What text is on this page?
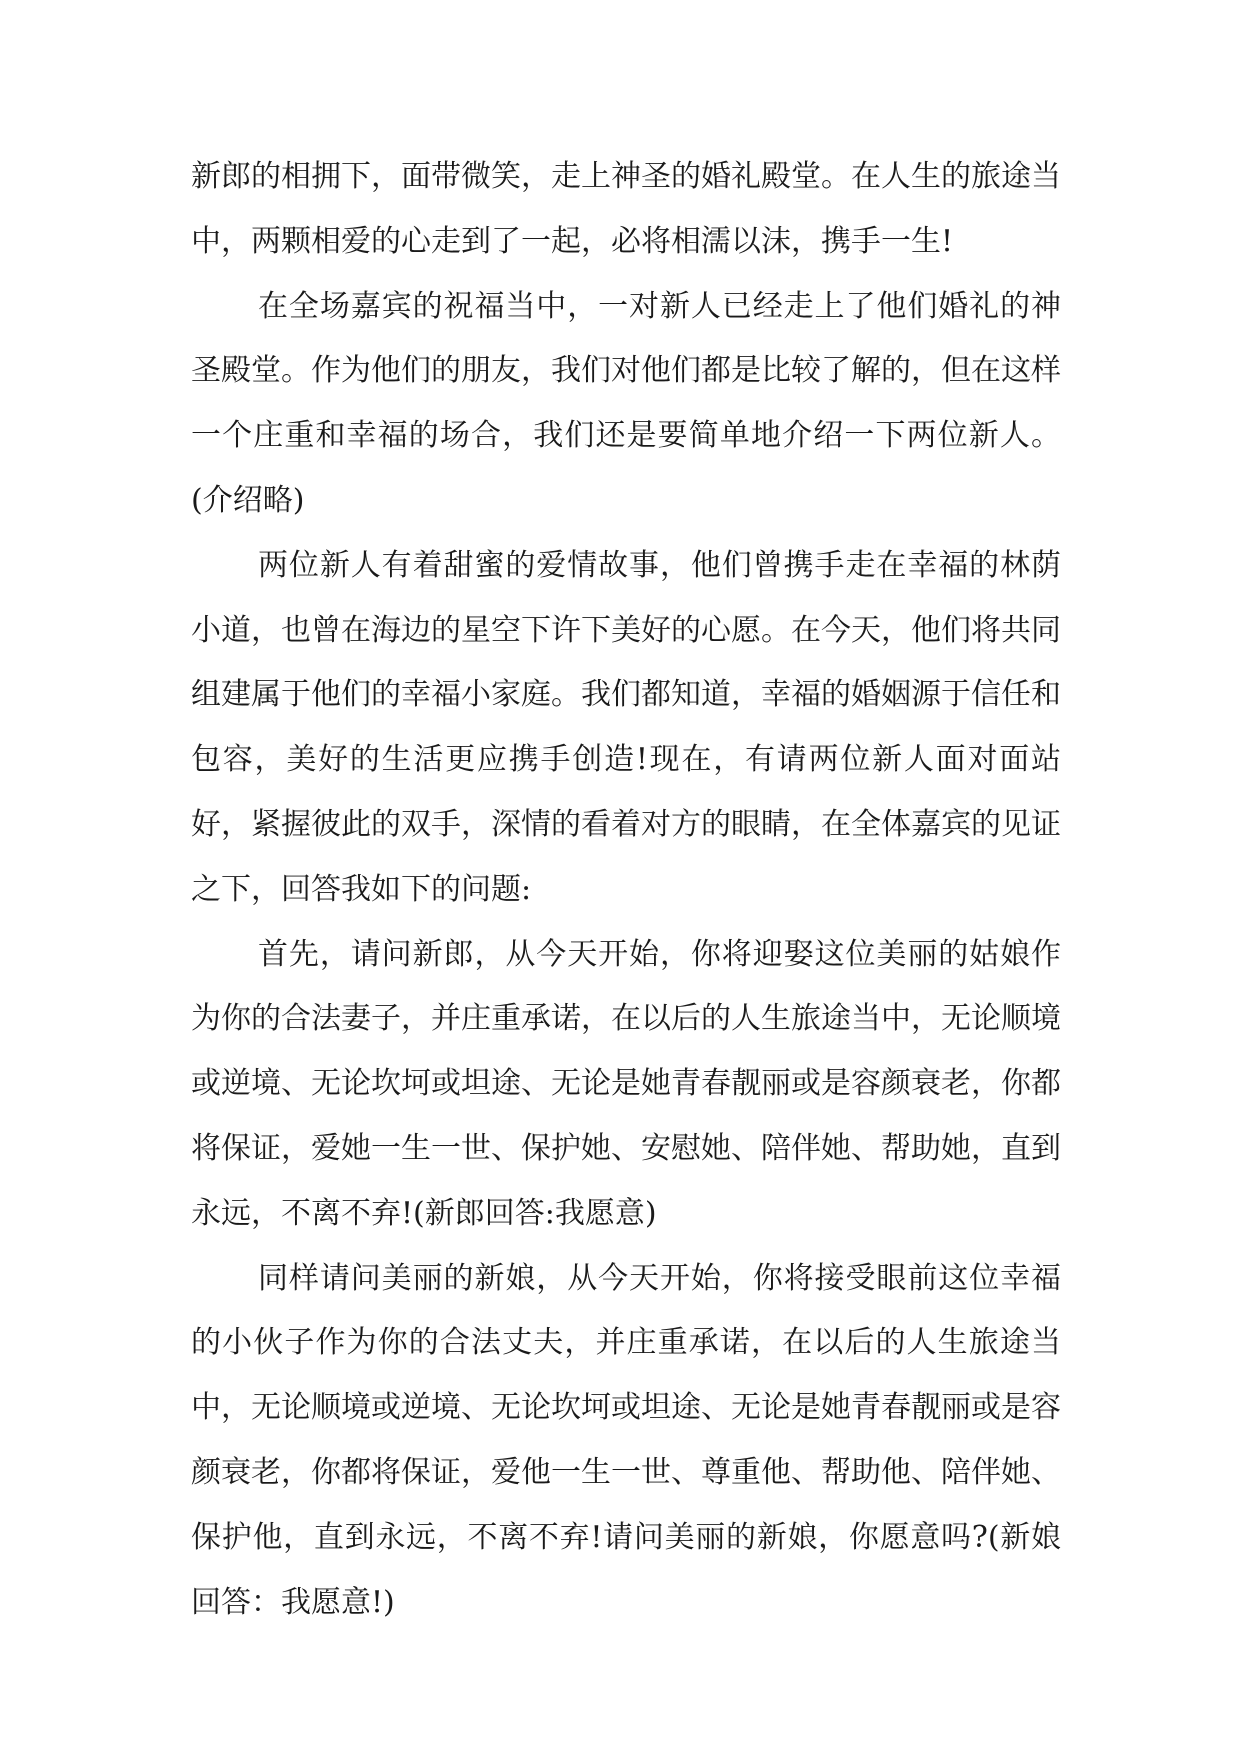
新郎的相拥下，面带微笑，走上神圣的婚礼殿堂。在人生的旅途当中，两颗相爱的心走到了一起，必将相濡以沫，携手一生!

在全场嘉宾的祝福当中，一对新人已经走上了他们婚礼的神圣殿堂。作为他们的朋友，我们对他们都是比较了解的，但在这样一个庄重和幸福的场合，我们还是要简单地介绍一下两位新人。(介绍略)

两位新人有着甜蜜的爱情故事，他们曾携手走在幸福的林荫小道，也曾在海边的星空下许下美好的心愿。在今天，他们将共同组建属于他们的幸福小家庭。我们都知道，幸福的婚姻源于信任和包容，美好的生活更应携手创造!现在，有请两位新人面对面站好，紧握彼此的双手，深情的看着对方的眼睛，在全体嘉宾的见证之下，回答我如下的问题:

首先，请问新郎，从今天开始，你将迎娶这位美丽的姑娘作为你的合法妻子，并庄重承诺，在以后的人生旅途当中，无论顺境或逆境、无论坎坷或坦途、无论是她青春靓丽或是容颜衰老，你都将保证，爱她一生一世、保护她、安慰她、陪伴她、帮助她，直到永远，不离不弃!(新郎回答:我愿意)

同样请问美丽的新娘，从今天开始，你将接受眼前这位幸福的小伙子作为你的合法丈夫，并庄重承诺，在以后的人生旅途当中，无论顺境或逆境、无论坎坷或坦途、无论是她青春靓丽或是容颜衰老，你都将保证，爱他一生一世、尊重他、帮助他、陪伴她、保护他，直到永远，不离不弃!请问美丽的新娘，你愿意吗?(新娘回答：我愿意!)
